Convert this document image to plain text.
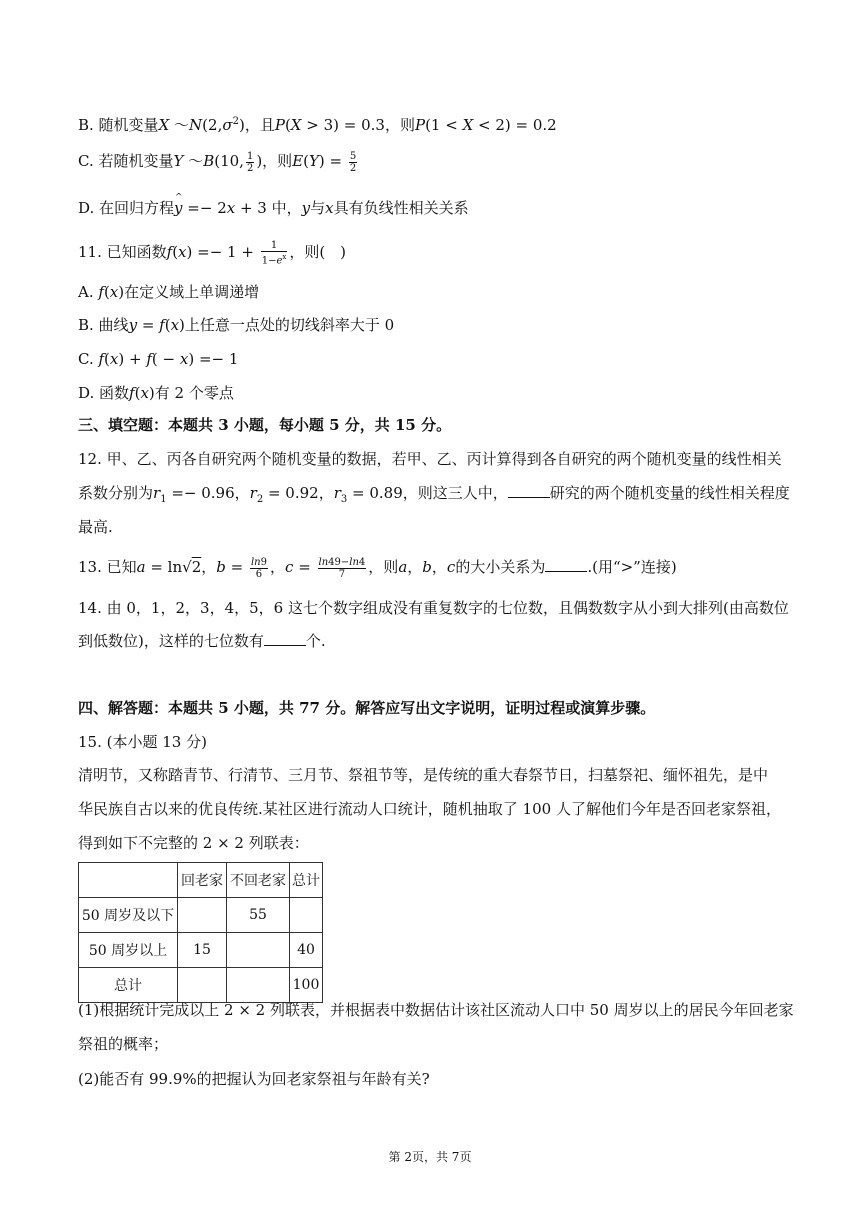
B. 随机变量X $\sim N(2,\sigma^2)$，且P(X > 3) = 0.3，则P(1 < X < 2) = 0.2
C. 若随机变量Y ～B(10, $\frac{1}{2}$ )，则$E(Y) = \frac{5}{2}$
D. 在回归方程^ y =− 2x + 3 中，y与x具有负线性相关关系
11. 已知函数$f(x) =- 1 + \frac{1}{1-e^x}$ ，则(　)
A. f(x)在定义域上单调递增
B. 曲线y = f(x)上任意一点处的切线斜率大于 0
C. f(x) + f( − x) =− 1
D. 函数f(x)有 2 个零点
三、填空题：本题共 3 小题，每小题 5 分，共 15 分。
12. 甲、乙、丙各自研究两个随机变量的数据，若甲、乙、丙计算得到各自研究的两个随机变量的线性相关
系数分别为$r_1 =- 0.96$，$r_2 = 0.92$，$r_3 = 0.89$，则这三人中，	研究的两个随机变量的线性相关程度
最高.
13. 已知a = ln√2，$b = \frac{\ln 9}{6}$ ，$c = \frac{\ln 49-\ln 4}{7}$ ，则a，b，c的大小关系为	.(用“>”连接)
14. 由 0，1，2，3，4，5，6 这七个数字组成没有重复数字的七位数，且偶数数字从小到大排列(由高数位
到低数位)，这样的七位数有	个.
四、解答题：本题共 5 小题，共 77 分。解答应写出文字说明，证明过程或演算步骤。
15. (本小题 13 分)
清明节，又称踏青节、行清节、三月节、祭祖节等，是传统的重大春祭节日，扫墓祭祀、缅怀祖先，是中
华民族自古以来的优良传统.某社区进行流动人口统计，随机抽取了 100 人了解他们今年是否回老家祭祖，
得到如下不完整的 2 × 2 列联表：
	回老家	不回老家	总计
50 周岁及以下		55	
50 周岁以上	15		40
总计			100
(1)根据统计完成以上 2 × 2 列联表，并根据表中数据估计该社区流动人口中 50 周岁以上的居民今年回老家
祭祖的概率；
(2)能否有 99.9%的把握认为回老家祭祖与年龄有关?
第 2页，共 7页
